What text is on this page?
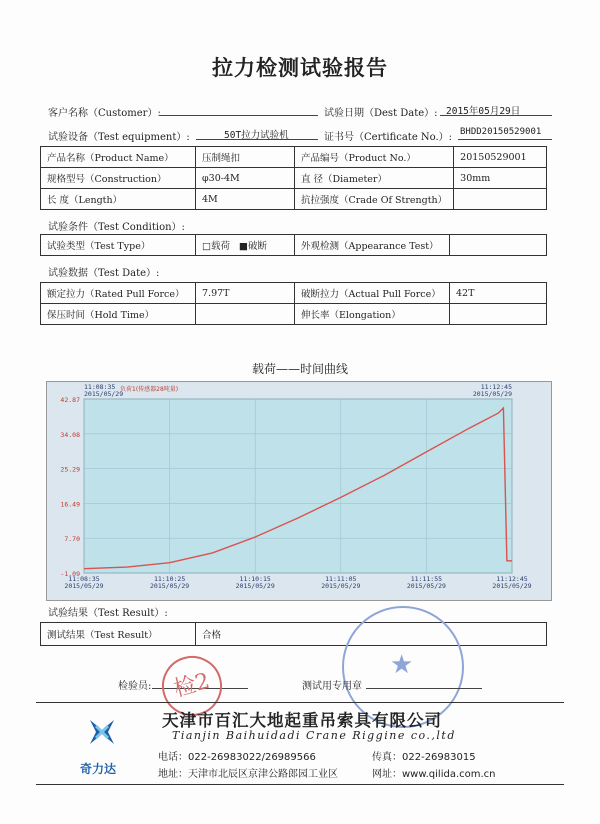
拉力检测试验报告
客户名称（Customer）:	试验日期（Dest Date）: 2015年05月29日
试验设备（Test equipment）:	50T拉力试验机	证书号（Certificate No.）: BHDD20150529001
产品名称（Product Name）	压制绳扣	产品编号（Product No.）	20150529001
规格型号（Construction）	φ30-4M	直 径（Diameter）	30mm
长 度（Length）	4M	抗拉强度（Crade Of Strength）	
试验条件（Test Condition）:
试验类型（Test Type）	□载荷 ■破断	外观检测（Appearance Test）	
试验数据（Test Date）:
额定拉力（Rated Pull Force）	7.97T	破断拉力（Actual Pull Force）	42T
保压时间（Hold Time）		伸长率（Elongation）	
载荷——时间曲线
42.87
34.08
25.29
16.49
7.70
-1.09
11:08:35
2015/05/29
11:10:25
2015/05/29
11:10:15
2015/05/29
11:11:05
2015/05/29
11:11:55
2015/05/29
11:12:45
2015/05/29
11:08:35
2015/05/29
11:12:45
2015/05/29
负荷1(传感器28吨量)
试验结果（Test Result）:
测试结果（Test Result）	合格
★
检验员: 检2	测试用专用章
奇力达
天津市百汇大地起重吊索具有限公司
Tianjin Baihuidadi Crane Riggine co.,ltd
电话：022-26983022/26989566	传真：022-26983015
地址：天津市北辰区京津公路郎园工业区	网址：www.qilida.com.cn
